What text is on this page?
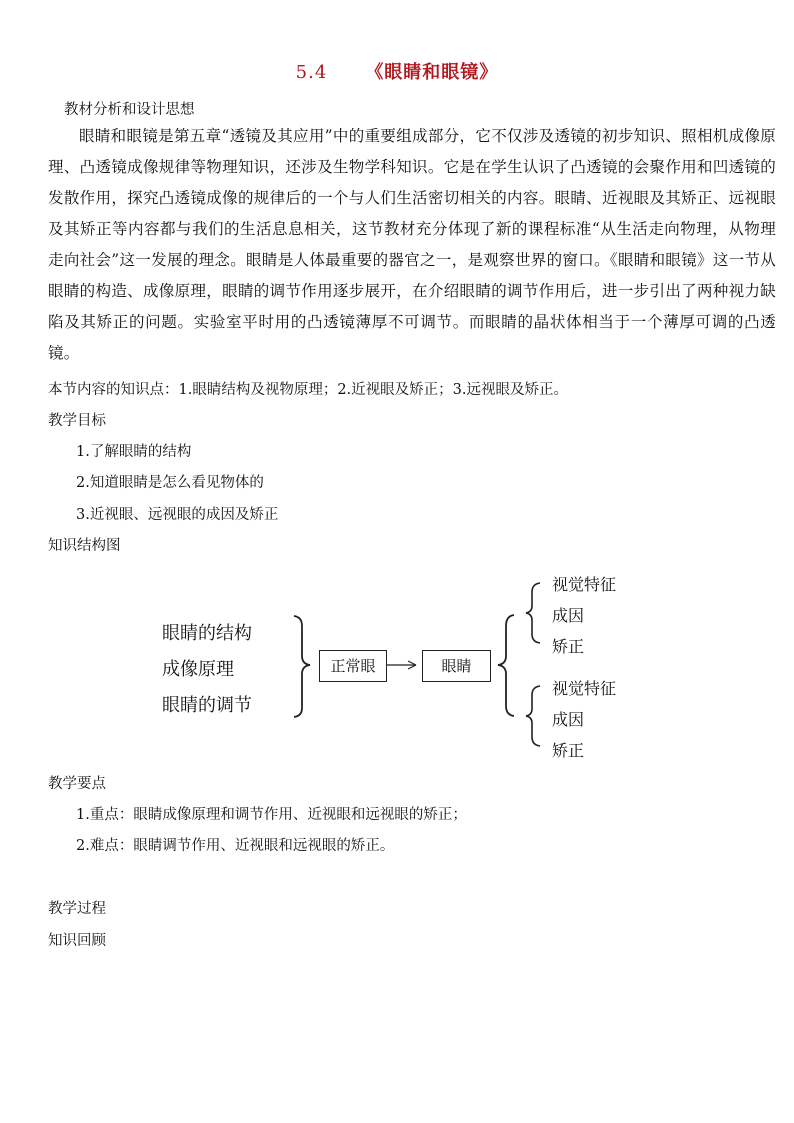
5.4 《眼睛和眼镜》
教材分析和设计思想
眼睛和眼镜是第五章“透镜及其应用”中的重要组成部分，它不仅涉及透镜的初步知识、照相机成像原理、凸透镜成像规律等物理知识，还涉及生物学科知识。它是在学生认识了凸透镜的会聚作用和凹透镜的发散作用，探究凸透镜成像的规律后的一个与人们生活密切相关的内容。眼睛、近视眼及其矫正、远视眼及其矫正等内容都与我们的生活息息相关，这节教材充分体现了新的课程标准“从生活走向物理，从物理走向社会”这一发展的理念。眼睛是人体最重要的器官之一，是观察世界的窗口。《眼睛和眼镜》这一节从眼睛的构造、成像原理，眼睛的调节作用逐步展开，在介绍眼睛的调节作用后，进一步引出了两种视力缺陷及其矫正的问题。实验室平时用的凸透镜薄厚不可调节。而眼睛的晶状体相当于一个薄厚可调的凸透镜。
本节内容的知识点：1.眼睛结构及视物原理；2.近视眼及矫正；3.远视眼及矫正。
教学目标
1.了解眼睛的结构
2.知道眼睛是怎么看见物体的
3.近视眼、远视眼的成因及矫正
知识结构图
眼睛的结构
成像原理
眼睛的调节
正常眼	眼睛
视觉特征
成因
矫正
视觉特征
成因
矫正
教学要点
1.重点：眼睛成像原理和调节作用、近视眼和远视眼的矫正；
2.难点：眼睛调节作用、近视眼和远视眼的矫正。
教学过程
知识回顾
